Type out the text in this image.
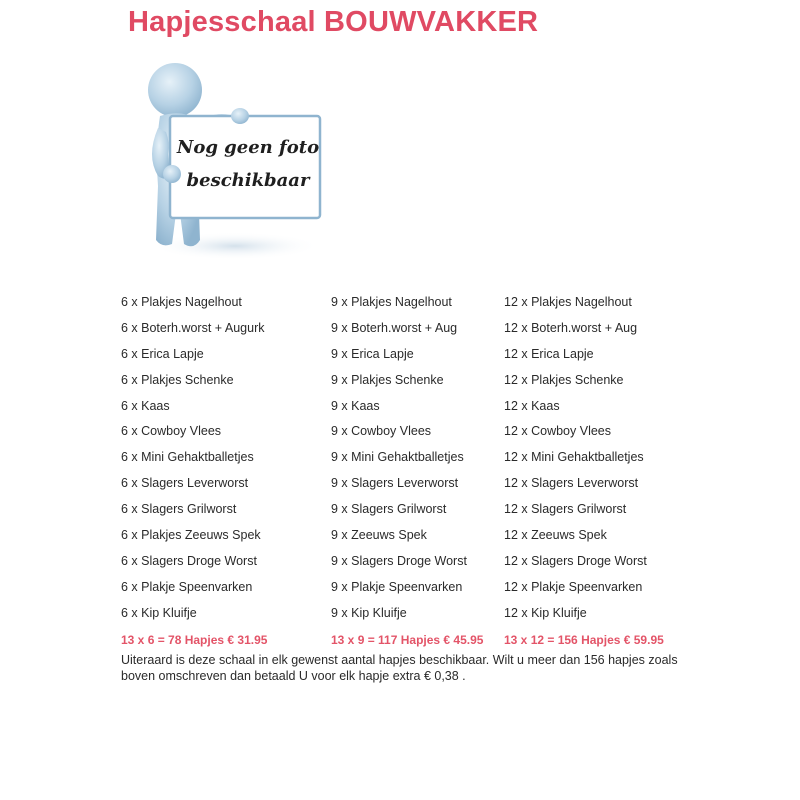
Hapjesschaal BOUWVAKKER
Nog geen foto
beschikbaar
6 x Plakjes Nagelhout
6 x Boterh.worst + Augurk
6 x Erica Lapje
6 x Plakjes Schenke
6 x Kaas
6 x Cowboy Vlees
6 x Mini Gehaktballetjes
6 x Slagers Leverworst
6 x Slagers Grilworst
6 x Plakjes Zeeuws Spek
6 x Slagers Droge Worst
6 x Plakje Speenvarken
6 x Kip Kluifje
13 x 6 = 78 Hapjes € 31.95
9 x Plakjes Nagelhout
9 x Boterh.worst + Aug
9 x Erica Lapje
9 x Plakjes Schenke
9 x Kaas
9 x Cowboy Vlees
9 x Mini Gehaktballetjes
9 x Slagers Leverworst
9 x Slagers Grilworst
9 x Zeeuws Spek
9 x Slagers Droge Worst
9 x Plakje Speenvarken
9 x Kip Kluifje
13 x 9 = 117 Hapjes € 45.95
12 x Plakjes Nagelhout
12 x Boterh.worst + Aug
12 x Erica Lapje
12 x Plakjes Schenke
12 x Kaas
12 x Cowboy Vlees
12 x Mini Gehaktballetjes
12 x Slagers Leverworst
12 x Slagers Grilworst
12 x Zeeuws Spek
12 x Slagers Droge Worst
12 x Plakje Speenvarken
12 x Kip Kluifje
13 x 12 = 156 Hapjes € 59.95

Uiteraard is deze schaal in elk gewenst aantal hapjes beschikbaar. Wilt u meer dan 156 hapjes zoals

boven omschreven dan betaald U voor elk hapje extra € 0,38 .
